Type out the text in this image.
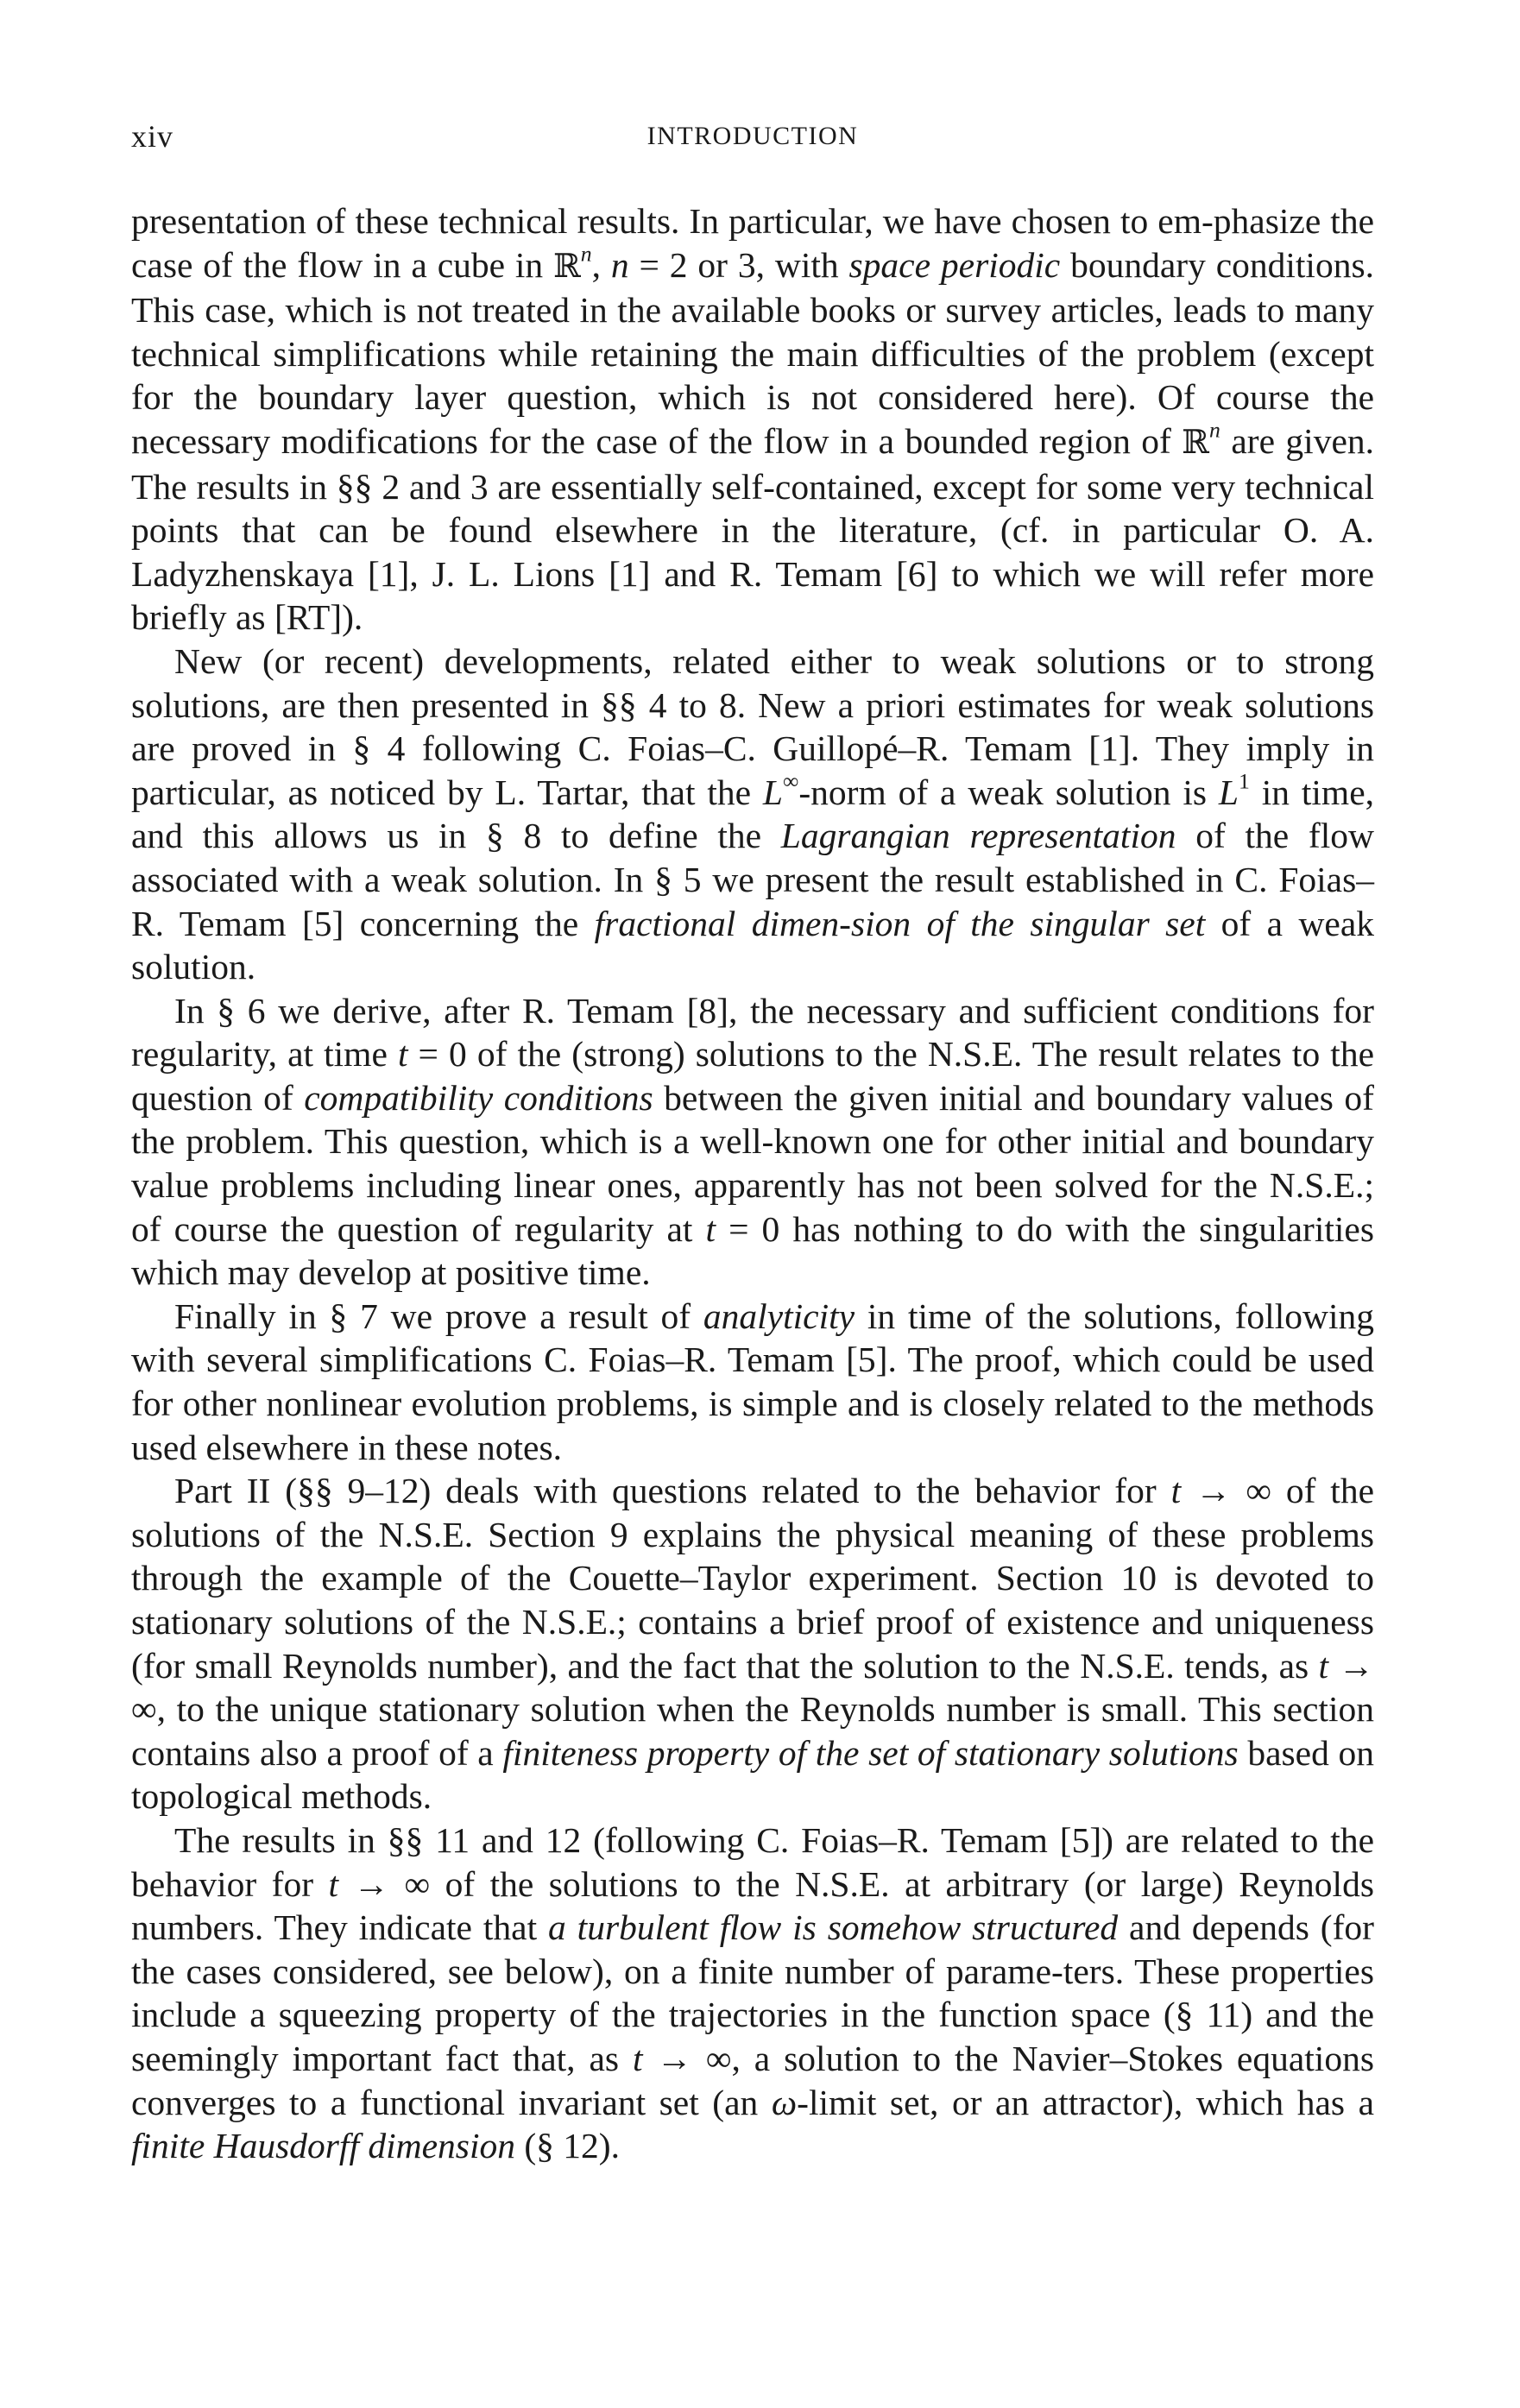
xiv	INTRODUCTION

presentation of these technical results. In particular, we have chosen to em-phasize the case of the flow in a cube in ℝ$^n$, n = 2 or 3, with space periodic boundary conditions. This case, which is not treated in the available books or survey articles, leads to many technical simplifications while retaining the main difficulties of the problem (except for the boundary layer question, which is not considered here). Of course the necessary modifications for the case of the flow in a bounded region of ℝ$^n$ are given. The results in §§ 2 and 3 are essentially self-contained, except for some very technical points that can be found elsewhere in the literature, (cf. in particular O. A. Ladyzhenskaya [1], J. L. Lions [1] and R. Temam [6] to which we will refer more briefly as [RT]).

New (or recent) developments, related either to weak solutions or to strong solutions, are then presented in §§ 4 to 8. New a priori estimates for weak solutions are proved in § 4 following C. Foias–C. Guillopé–R. Temam [1]. They imply in particular, as noticed by L. Tartar, that the L∞-norm of a weak solution is $L^1$ in time, and this allows us in § 8 to define the Lagrangian representation of the flow associated with a weak solution. In § 5 we present the result established in C. Foias–R. Temam [5] concerning the fractional dimen-sion of the singular set of a weak solution.

In § 6 we derive, after R. Temam [8], the necessary and sufficient conditions for regularity, at time t = 0 of the (strong) solutions to the N.S.E. The result relates to the question of compatibility conditions between the given initial and boundary values of the problem. This question, which is a well-known one for other initial and boundary value problems including linear ones, apparently has not been solved for the N.S.E.; of course the question of regularity at t = 0 has nothing to do with the singularities which may develop at positive time.

Finally in § 7 we prove a result of analyticity in time of the solutions, following with several simplifications C. Foias–R. Temam [5]. The proof, which could be used for other nonlinear evolution problems, is simple and is closely related to the methods used elsewhere in these notes.

Part II (§§ 9–12) deals with questions related to the behavior for t → ∞ of the solutions of the N.S.E. Section 9 explains the physical meaning of these problems through the example of the Couette–Taylor experiment. Section 10 is devoted to stationary solutions of the N.S.E.; contains a brief proof of existence and uniqueness (for small Reynolds number), and the fact that the solution to the N.S.E. tends, as t → ∞, to the unique stationary solution when the Reynolds number is small. This section contains also a proof of a finiteness property of the set of stationary solutions based on topological methods.

The results in §§ 11 and 12 (following C. Foias–R. Temam [5]) are related to the behavior for t → ∞ of the solutions to the N.S.E. at arbitrary (or large) Reynolds numbers. They indicate that a turbulent flow is somehow structured and depends (for the cases considered, see below), on a finite number of parame-ters. These properties include a squeezing property of the trajectories in the function space (§ 11) and the seemingly important fact that, as t → ∞, a solution to the Navier–Stokes equations converges to a functional invariant set (an ω-limit set, or an attractor), which has a finite Hausdorff dimension (§ 12).
